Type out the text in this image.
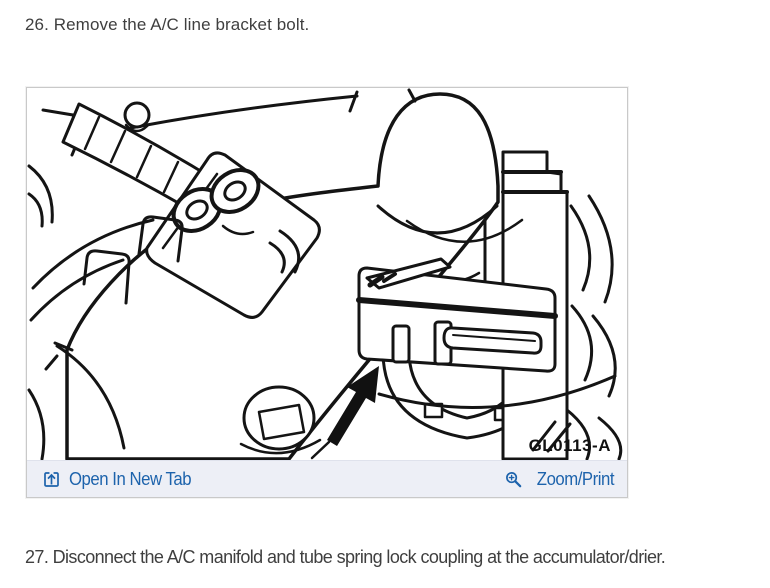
26. Remove the A/C line bracket bolt.

GL0113-A
Open In New Tab	Zoom/Print

27. Disconnect the A/C manifold and tube spring lock coupling at the accumulator/drier.
